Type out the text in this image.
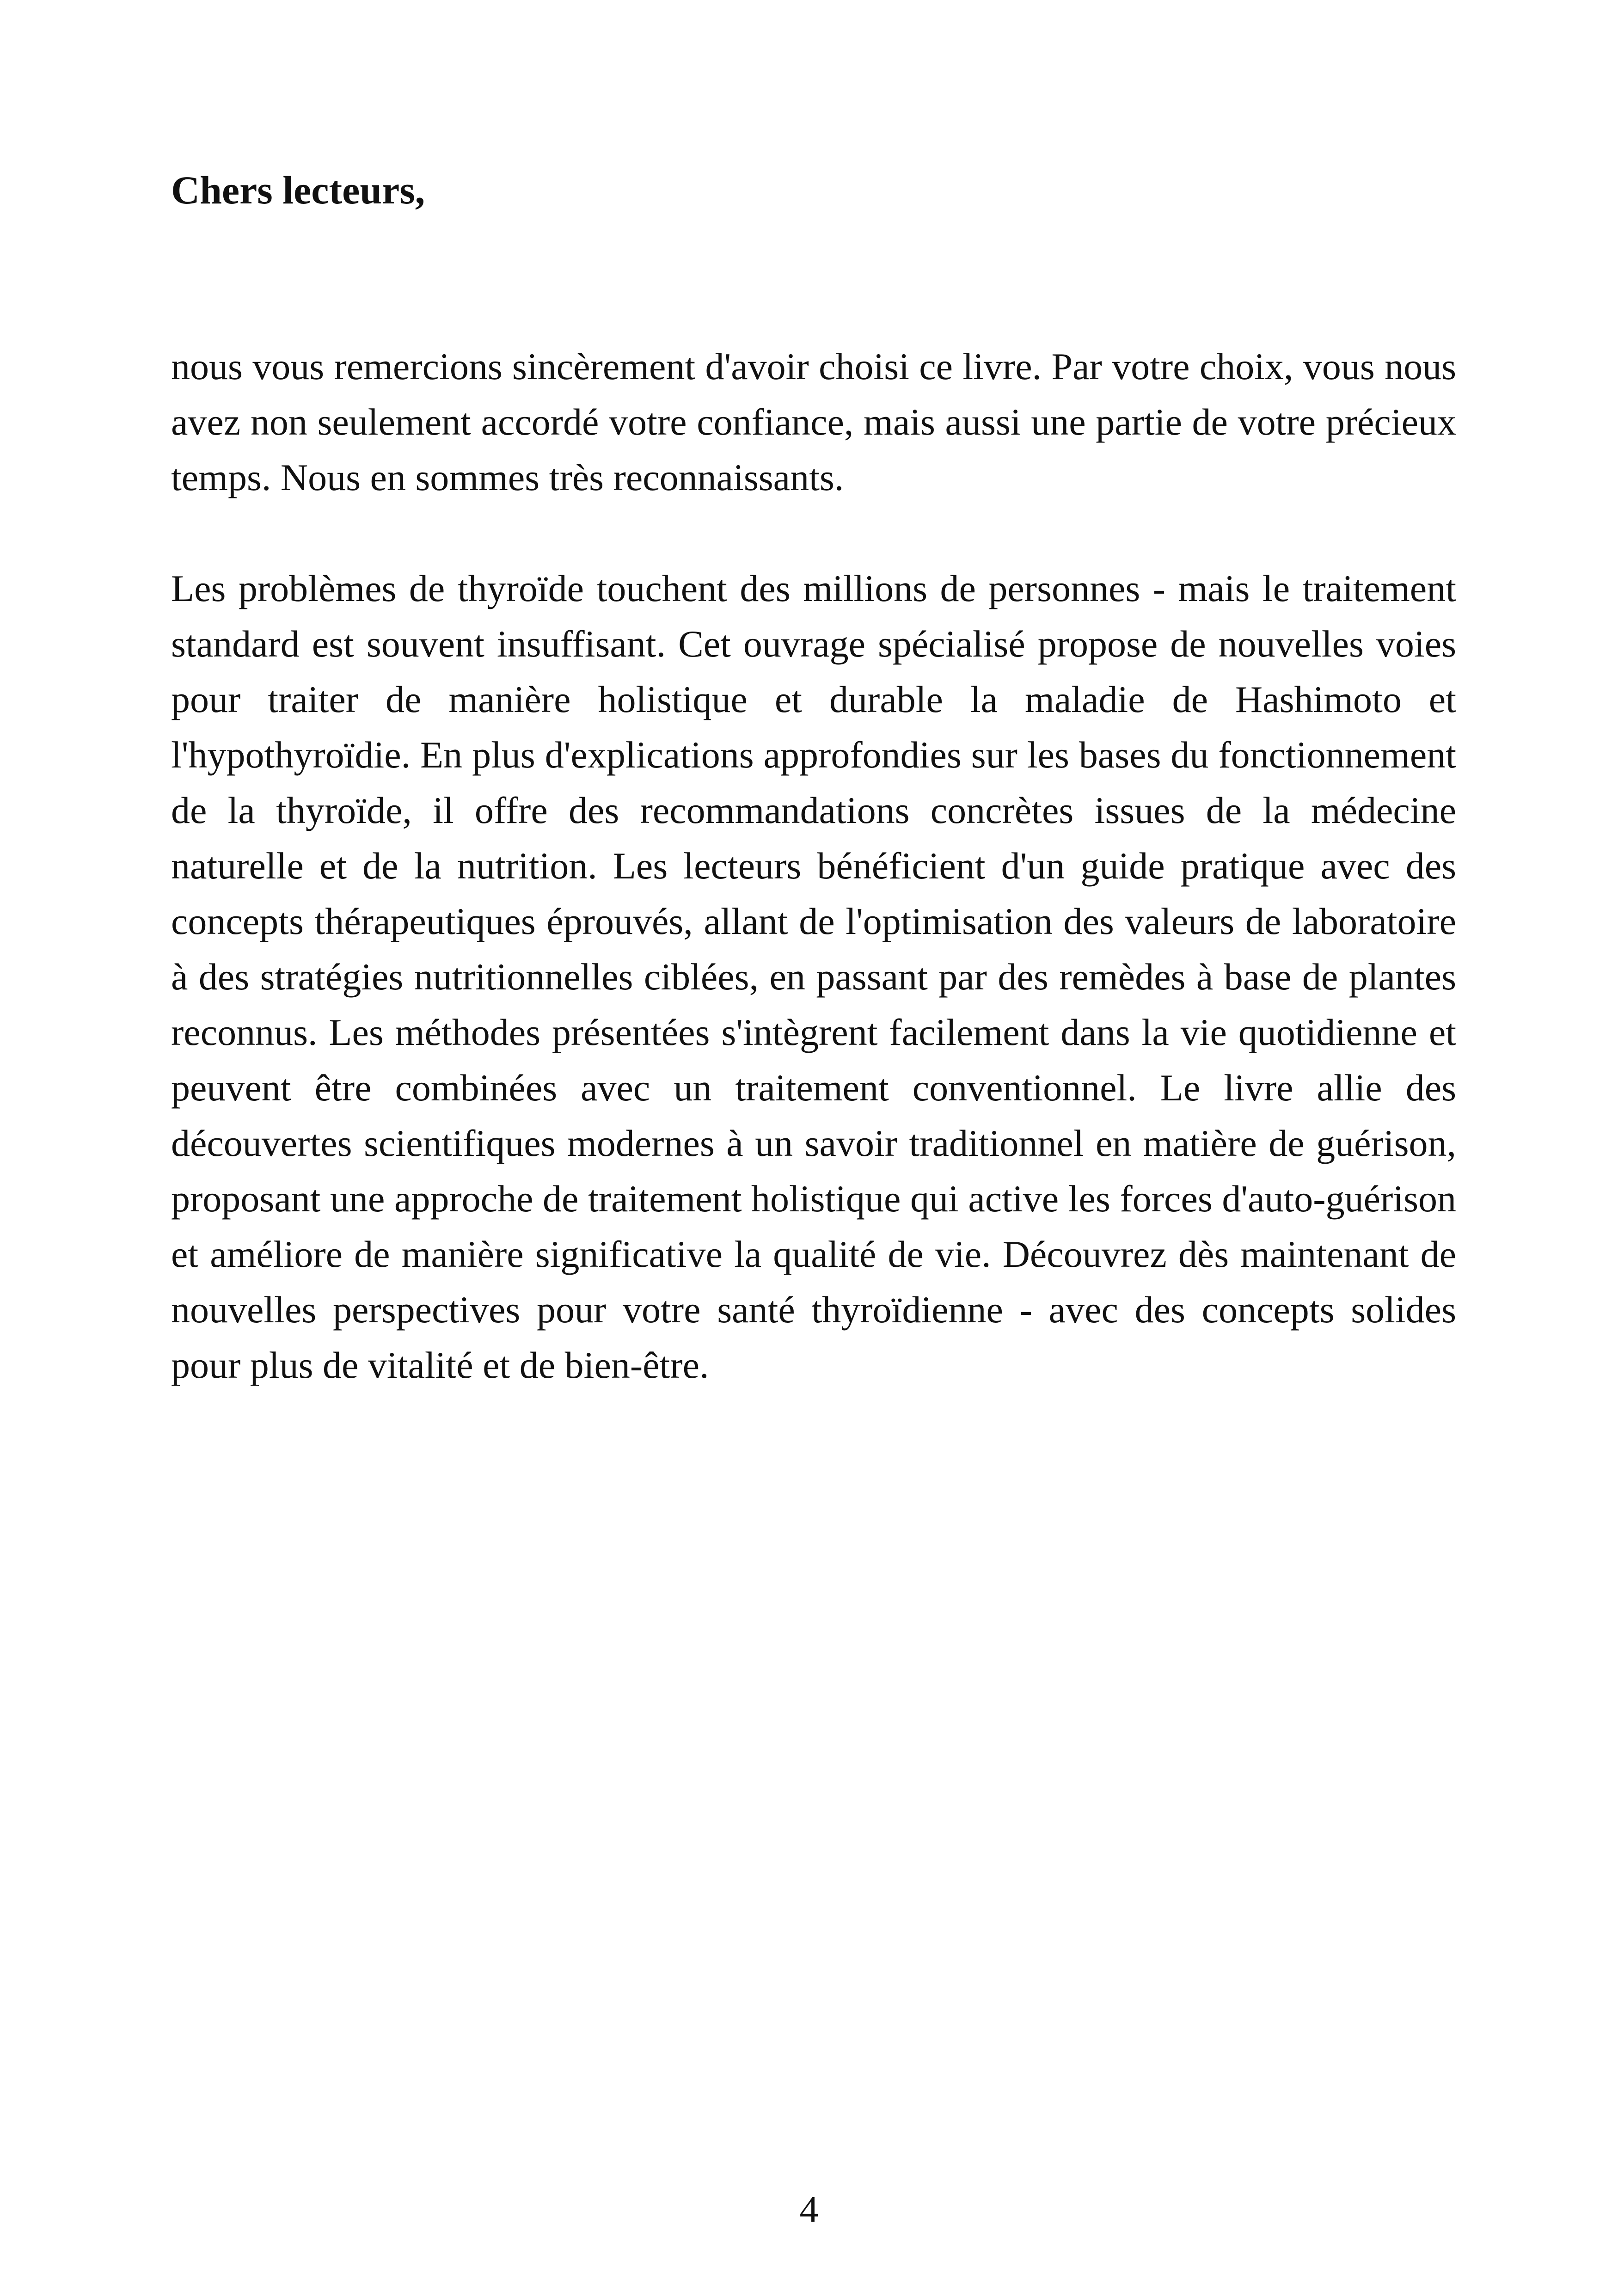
Chers lecteurs,

nous vous remercions sincèrement d'avoir choisi ce livre. Par votre choix, vous nous avez non seulement accordé votre confiance, mais aussi une partie de votre précieux temps. Nous en sommes très reconnaissants.

Les problèmes de thyroïde touchent des millions de personnes - mais le traitement standard est souvent insuffisant. Cet ouvrage spécialisé propose de nouvelles voies pour traiter de manière holistique et durable la maladie de Hashimoto et l'hypothyroïdie. En plus d'explications approfondies sur les bases du fonctionnement de la thyroïde, il offre des recommandations concrètes issues de la médecine naturelle et de la nutrition. Les lecteurs bénéficient d'un guide pratique avec des concepts thérapeutiques éprouvés, allant de l'optimisation des valeurs de laboratoire à des stratégies nutritionnelles ciblées, en passant par des remèdes à base de plantes reconnus. Les méthodes présentées s'intègrent facilement dans la vie quotidienne et peuvent être combinées avec un traitement conventionnel. Le livre allie des découvertes scientifiques modernes à un savoir traditionnel en matière de guérison, proposant une approche de traitement holistique qui active les forces d'auto-guérison et améliore de manière significative la qualité de vie. Découvrez dès maintenant de nouvelles perspectives pour votre santé thyroïdienne - avec des concepts solides pour plus de vitalité et de bien-être.

4
